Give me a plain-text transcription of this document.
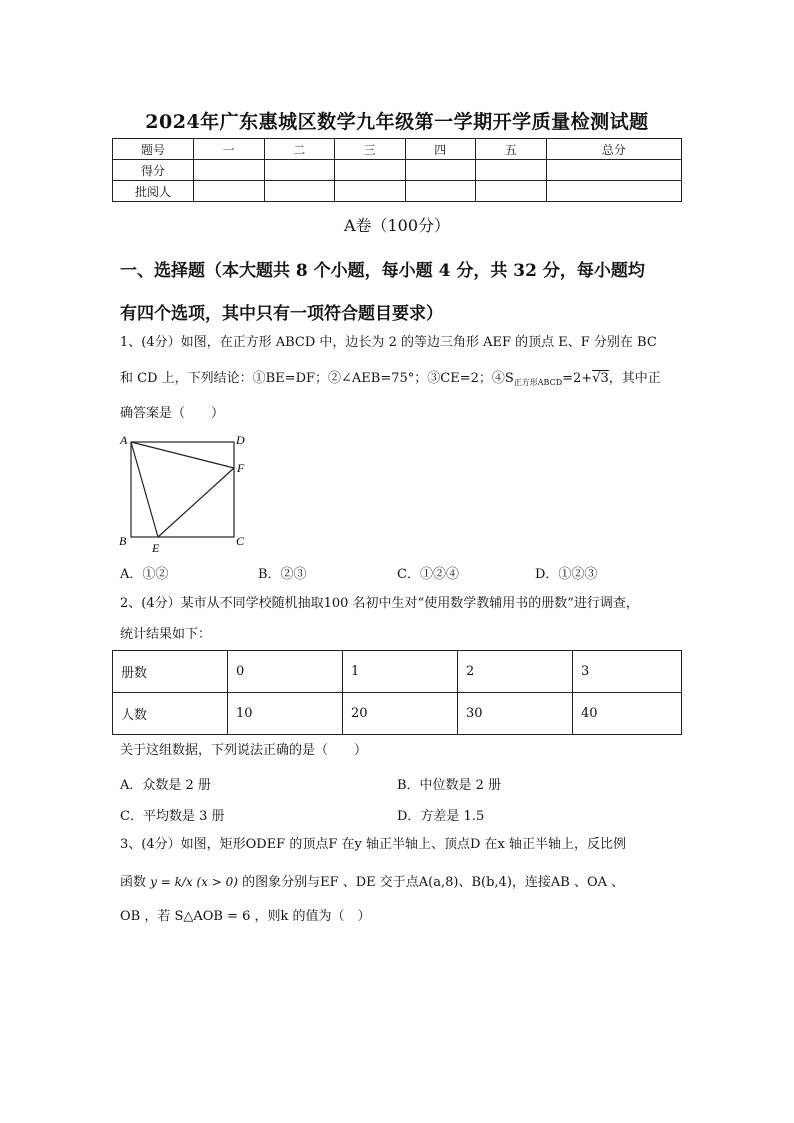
2024年广东惠城区数学九年级第一学期开学质量检测试题
题号	一	二	三	四	五	总分
得分						
批阅人						
A卷（100分）
一、选择题（本大题共 8 个小题，每小题 4 分，共 32 分，每小题均
有四个选项，其中只有一项符合题目要求）
1、(4分）如图，在正方形 ABCD 中，边长为 2 的等边三角形 AEF 的顶点 E、F 分别在 BC
和 CD 上，下列结论：①BE=DF；②∠AEB=75°；③CE=2；$④S_{正方形ABCD}=2+√3$，其中正
确答案是（　　）
A	D
F
B E	C
A．①②	B．②③	C．①②④	D．①②③
2、(4分）某市从不同学校随机抽取100 名初中生对“使用数学教辅用书的册数”进行调查，
统计结果如下：
册数	0	1	2	3
人数	10	20	30	40
关于这组数据，下列说法正确的是（　　）
A．众数是 2 册	B．中位数是 2 册
C．平均数是 3 册	D．方差是 1.5
3、(4分）如图，矩形ODEF 的顶点F 在y 轴正半轴上、顶点D 在x 轴正半轴上，反比例
函数 y = k/x (x > 0) 的图象分别与EF 、DE 交于点A(a,8)、B(b,4)，连接AB 、OA 、
OB ，若 S△AOB = 6 ，则k 的值为（　）
